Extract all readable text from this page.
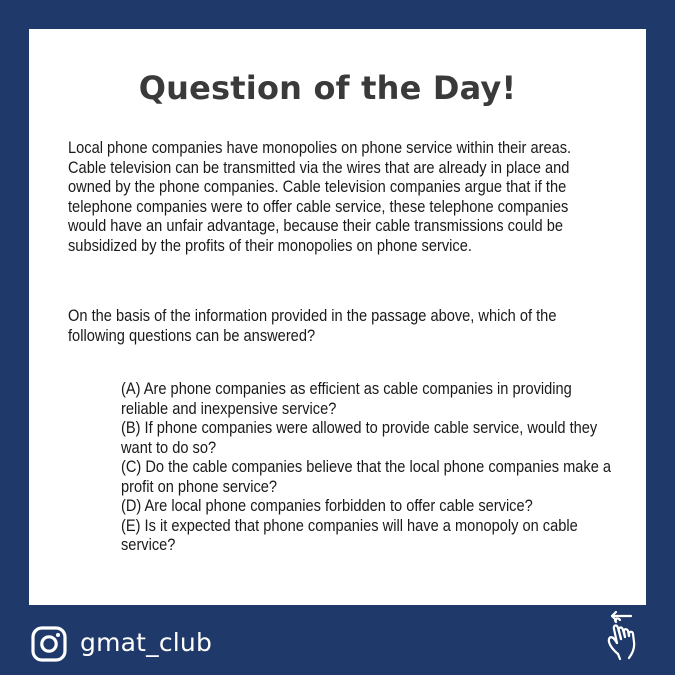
Question of the Day!

Local phone companies have monopolies on phone service within their areas. Cable television can be transmitted via the wires that are already in place and owned by the phone companies. Cable television companies argue that if the telephone companies were to offer cable service, these telephone companies would have an unfair advantage, because their cable transmissions could be subsidized by the profits of their monopolies on phone service.

On the basis of the information provided in the passage above, which of the following questions can be answered?

(A) Are phone companies as efficient as cable companies in providing reliable and inexpensive service?

(B) If phone companies were allowed to provide cable service, would they want to do so?

(C) Do the cable companies believe that the local phone companies make a profit on phone service?

(D) Are local phone companies forbidden to offer cable service?

(E) Is it expected that phone companies will have a monopoly on cable service?

gmat_club
